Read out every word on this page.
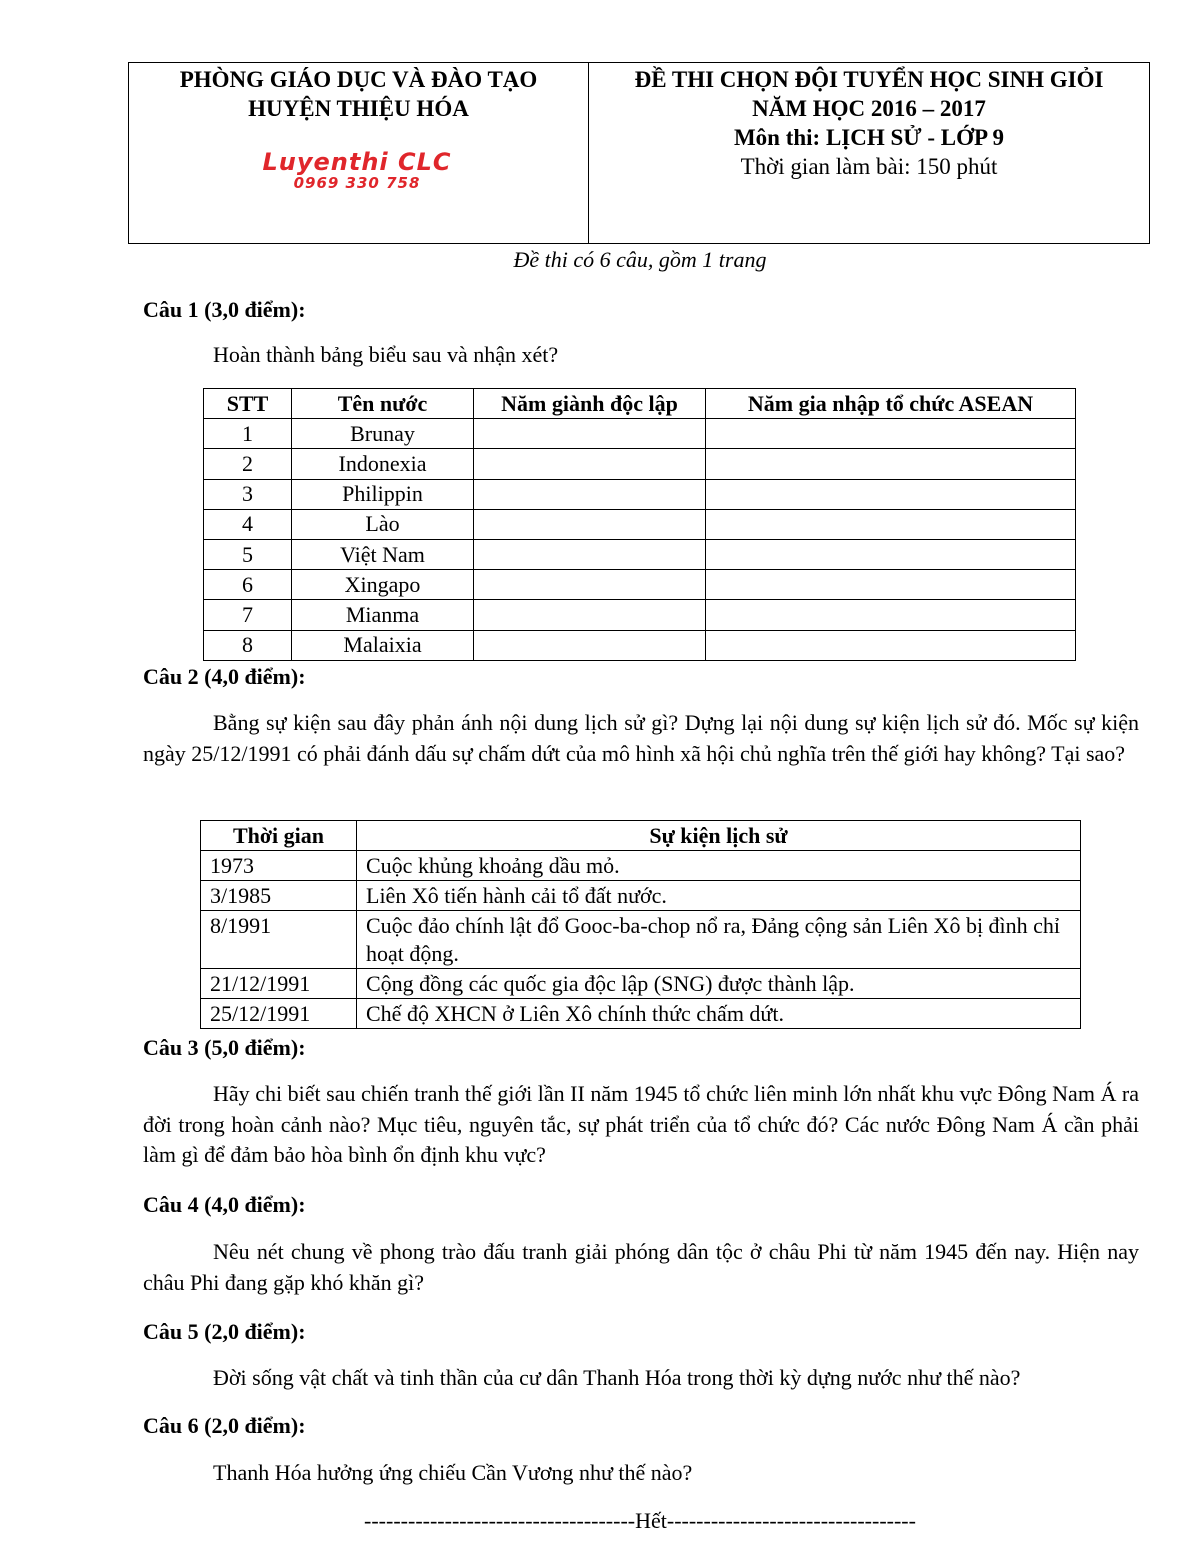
PHÒNG GIÁO DỤC VÀ ĐÀO TẠO
HUYỆN THIỆU HÓA
Luyenthi CLC
0969 330 758
ĐỀ THI CHỌN ĐỘI TUYỂN HỌC SINH GIỎI
NĂM HỌC 2016 – 2017
Môn thi: LỊCH SỬ - LỚP 9
Thời gian làm bài: 150 phút
Đề thi có 6 câu, gồm 1 trang
Câu 1 (3,0 điểm):
Hoàn thành bảng biểu sau và nhận xét?
STT	Tên nước	Năm giành độc lập	Năm gia nhập tổ chức ASEAN
1	Brunay		
2	Indonexia		
3	Philippin		
4	Lào		
5	Việt Nam		
6	Xingapo		
7	Mianma		
8	Malaixia		
Câu 2 (4,0 điểm):
Bằng sự kiện sau đây phản ánh nội dung lịch sử gì? Dựng lại nội dung sự kiện lịch sử đó. Mốc sự kiện ngày 25/12/1991 có phải đánh dấu sự chấm dứt của mô hình xã hội chủ nghĩa trên thế giới hay không? Tại sao?
Thời gian	Sự kiện lịch sử
1973	Cuộc khủng khoảng dầu mỏ.
3/1985	Liên Xô tiến hành cải tổ đất nước.
8/1991	Cuộc đảo chính lật đổ Gooc-ba-chop nổ ra, Đảng cộng sản Liên Xô bị đình chỉ hoạt động.
21/12/1991	Cộng đồng các quốc gia độc lập (SNG) được thành lập.
25/12/1991	Chế độ XHCN ở Liên Xô chính thức chấm dứt.
Câu 3 (5,0 điểm):
Hãy chi biết sau chiến tranh thế giới lần II năm 1945 tổ chức liên minh lớn nhất khu vực Đông Nam Á ra đời trong hoàn cảnh nào? Mục tiêu, nguyên tắc, sự phát triển của tổ chức đó? Các nước Đông Nam Á cần phải làm gì để đảm bảo hòa bình ổn định khu vực?
Câu 4 (4,0 điểm):
Nêu nét chung về phong trào đấu tranh giải phóng dân tộc ở châu Phi từ năm 1945 đến nay. Hiện nay châu Phi đang gặp khó khăn gì?
Câu 5 (2,0 điểm):
Đời sống vật chất và tinh thần của cư dân Thanh Hóa trong thời kỳ dựng nước như thế nào?
Câu 6 (2,0 điểm):
Thanh Hóa hưởng ứng chiếu Cần Vương như thế nào?
-------------------------------------Hết----------------------------------
